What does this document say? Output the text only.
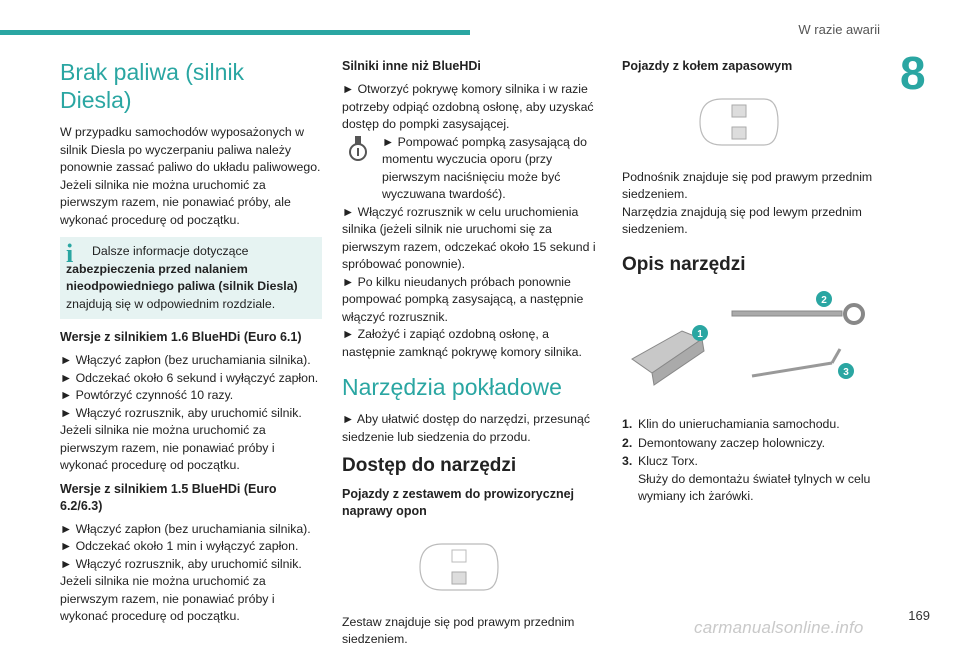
W razie awarii
8
Brak paliwa (silnik Diesla)

W przypadku samochodów wyposażonych w silnik Diesla po wyczerpaniu paliwa należy ponownie zassać paliwo do układu paliwowego. Jeżeli silnika nie można uruchomić za pierwszym razem, nie ponawiać próby, ale wykonać procedurę od początku.

i	Dalsze informacje dotyczące
zabezpieczenia przed nalaniem nieodpowiedniego paliwa (silnik Diesla)
znajdują się w odpowiednim rozdziale.
Wersje z silnikiem 1.6 BlueHDi (Euro 6.1)
► Włączyć zapłon (bez uruchamiania silnika).
► Odczekać około 6 sekund i wyłączyć zapłon.
► Powtórzyć czynność 10 razy.
► Włączyć rozrusznik, aby uruchomić silnik.

Jeżeli silnika nie można uruchomić za pierwszym razem, nie ponawiać próby i wykonać procedurę od początku.

Wersje z silnikiem 1.5 BlueHDi (Euro 6.2/6.3)
► Włączyć zapłon (bez uruchamiania silnika).
► Odczekać około 1 min i wyłączyć zapłon.
► Włączyć rozrusznik, aby uruchomić silnik.

Jeżeli silnika nie można uruchomić za pierwszym razem, nie ponawiać próby i wykonać procedurę od początku.

Silniki inne niż BlueHDi

► Otworzyć pokrywę komory silnika i w razie potrzeby odpiąć ozdobną osłonę, aby uzyskać dostęp do pompki zasysającej.

► Pompować pompką zasysającą do momentu wyczucia oporu (przy pierwszym naciśnięciu może być wyczuwana twardość).

► Włączyć rozrusznik w celu uruchomienia silnika (jeżeli silnik nie uruchomi się za pierwszym razem, odczekać około 15 sekund i spróbować ponownie).

► Po kilku nieudanych próbach ponownie pompować pompką zasysającą, a następnie włączyć rozrusznik.

► Założyć i zapiąć ozdobną osłonę, a następnie zamknąć pokrywę komory silnika.

Narzędzia pokładowe

► Aby ułatwić dostęp do narzędzi, przesunąć siedzenie lub siedzenia do przodu.

Dostęp do narzędzi
Pojazdy z zestawem do prowizorycznej naprawy opon

Zestaw znajduje się pod prawym przednim siedzeniem.

Pojazdy z kołem zapasowym

Podnośnik znajduje się pod prawym przednim siedzeniem.

Narzędzia znajdują się pod lewym przednim siedzeniem.

Opis narzędzi
1
2
3
1. Klin do unieruchamiania samochodu.
2. Demontowany zaczep holowniczy.
3. Klucz Torx.
Służy do demontażu świateł tylnych w celu wymiany ich żarówki.
169
carmanualsonline.info
